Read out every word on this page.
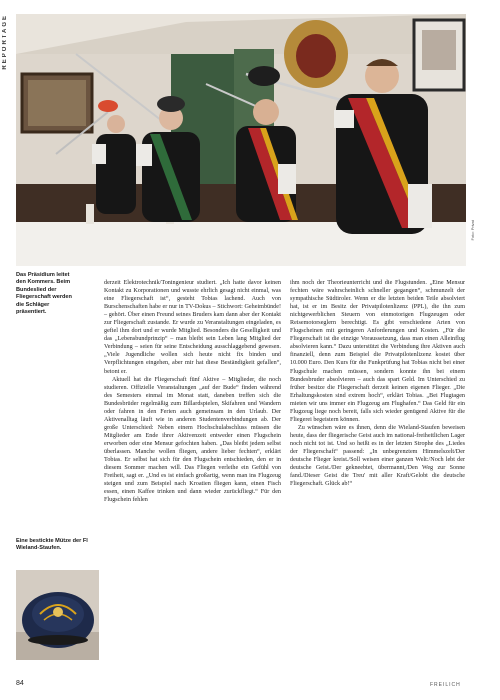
REPORTAGE
Foto: Privat
Das Präsidium leitet den Kommers. Beim Bundeslied der Fliegerschaft werden die Schläger präsentiert.
Eine bestickte Mütze der Fl Wieland-Staufen.

derzeit Elektrotechnik/Toningenieur studiert. „Ich hatte davor keinen Kontakt zu Korporationen und wusste ehrlich gesagt nicht einmal, was eine Fliegerschaft ist“, gesteht Tobias lachend. Auch von Burschenschaften habe er nur in TV-Dokus – Stichwort: Geheimbünde! – gehört. Über einen Freund seines Bruders kam dann aber der Kontakt zur Fliegerschaft zustande. Er wurde zu Veranstaltungen eingeladen, es gefiel ihm dort und er wurde Mitglied. Besonders die Geselligkeit und das „Lebensbundprinzip“ – man bleibt sein Leben lang Mitglied der Verbindung – seien für seine Entscheidung ausschlaggebend gewesen. „Viele Jugendliche wollen sich heute nicht fix binden und Verpflichtungen eingehen, aber mir hat diese Beständigkeit gefallen“, betont er.

Aktuell hat die Fliegerschaft fünf Aktive – Mitglieder, die noch studieren. Offizielle Veranstaltungen „auf der Bude“ finden während des Semesters einmal im Monat statt, daneben treffen sich die Bundesbrüder regelmäßig zum Billardspielen, Skifahren und Wandern oder fahren in den Ferien auch gemeinsam in den Urlaub. Der Aktivenalltag läuft wie in anderen Studentenverbindungen ab. Der große Unterschied: Neben einem Hochschulabschluss müssen die Mitglieder am Ende ihrer Aktivenzeit entweder einen Flugschein erworben oder eine Mensur gefochten haben. „Das bleibt jedem selbst überlassen. Manche wollen fliegen, andere lieber fechten“, erklärt Tobias. Er selbst hat sich für den Flugschein entschieden, den er in diesem Sommer machen will. Das Fliegen verleihe ein Gefühl von Freiheit, sagt er. „Und es ist einfach großartig, wenn man ins Flugzeug steigen und zum Beispiel nach Kroatien fliegen kann, einen Fisch essen, einen Kaffee trinken und dann wieder zurückfliegt.“ Für den Flugschein fehlen

ihm noch der Theorieunterricht und die Flugstunden. „Eine Mensur fechten wäre wahrscheinlich schneller gegangen“, schmunzelt der sympathische Südtiroler. Wenn er die letzten beiden Teile absolviert hat, ist er im Besitz der Privatpilotenlizenz (PPL), die ihn zum nichtgewerblichen Steuern von einmotorigen Flugzeugen oder Reisemotorseglern berechtigt. Es gibt verschiedene Arten von Flugscheinen mit geringeren Anforderungen und Kosten. „Für die Fliegerschaft ist die einzige Voraussetzung, dass man einen Alleinflug absolvieren kann.“ Dazu unterstützt die Verbindung ihre Aktiven auch finanziell, denn zum Beispiel die Privatpilotenlizenz kostet über 10.000 Euro. Den Kurs für die Funkprüfung hat Tobias nicht bei einer Flugschule machen müssen, sondern konnte ihn bei einem Bundesbruder absolvieren – auch das spart Geld. Im Unterschied zu früher besitze die Fliegerschaft derzeit keinen eigenen Flieger. „Die Erhaltungskosten sind extrem hoch“, erklärt Tobias. „Bei Flugtagen mieten wir uns immer ein Flugzeug am Flughafen.“ Das Geld für ein Flugzeug liege noch bereit, falls sich wieder genügend Aktive für die Fliegerei begeistern können.

Zu wünschen wäre es ihnen, denn die Wieland-Staufen beweisen heute, dass der fliegerische Geist auch im national-freiheitlichen Lager noch nicht tot ist. Und so heißt es in der letzten Strophe des „Liedes der Fliegerschaft“ passend: „In unbegrenztem Himmelszelt/Der deutsche Flieger kreist./Soll weisen einer ganzen Welt:/Noch lebt der deutsche Geist./Der gekneebtet, übermannt,/Den Weg zur Sonne fand./Dieser Geist die Treu' mit aller Kraft/Gelobt die deutsche Fliegerschaft. Glück ab!“

84	FREILICH
